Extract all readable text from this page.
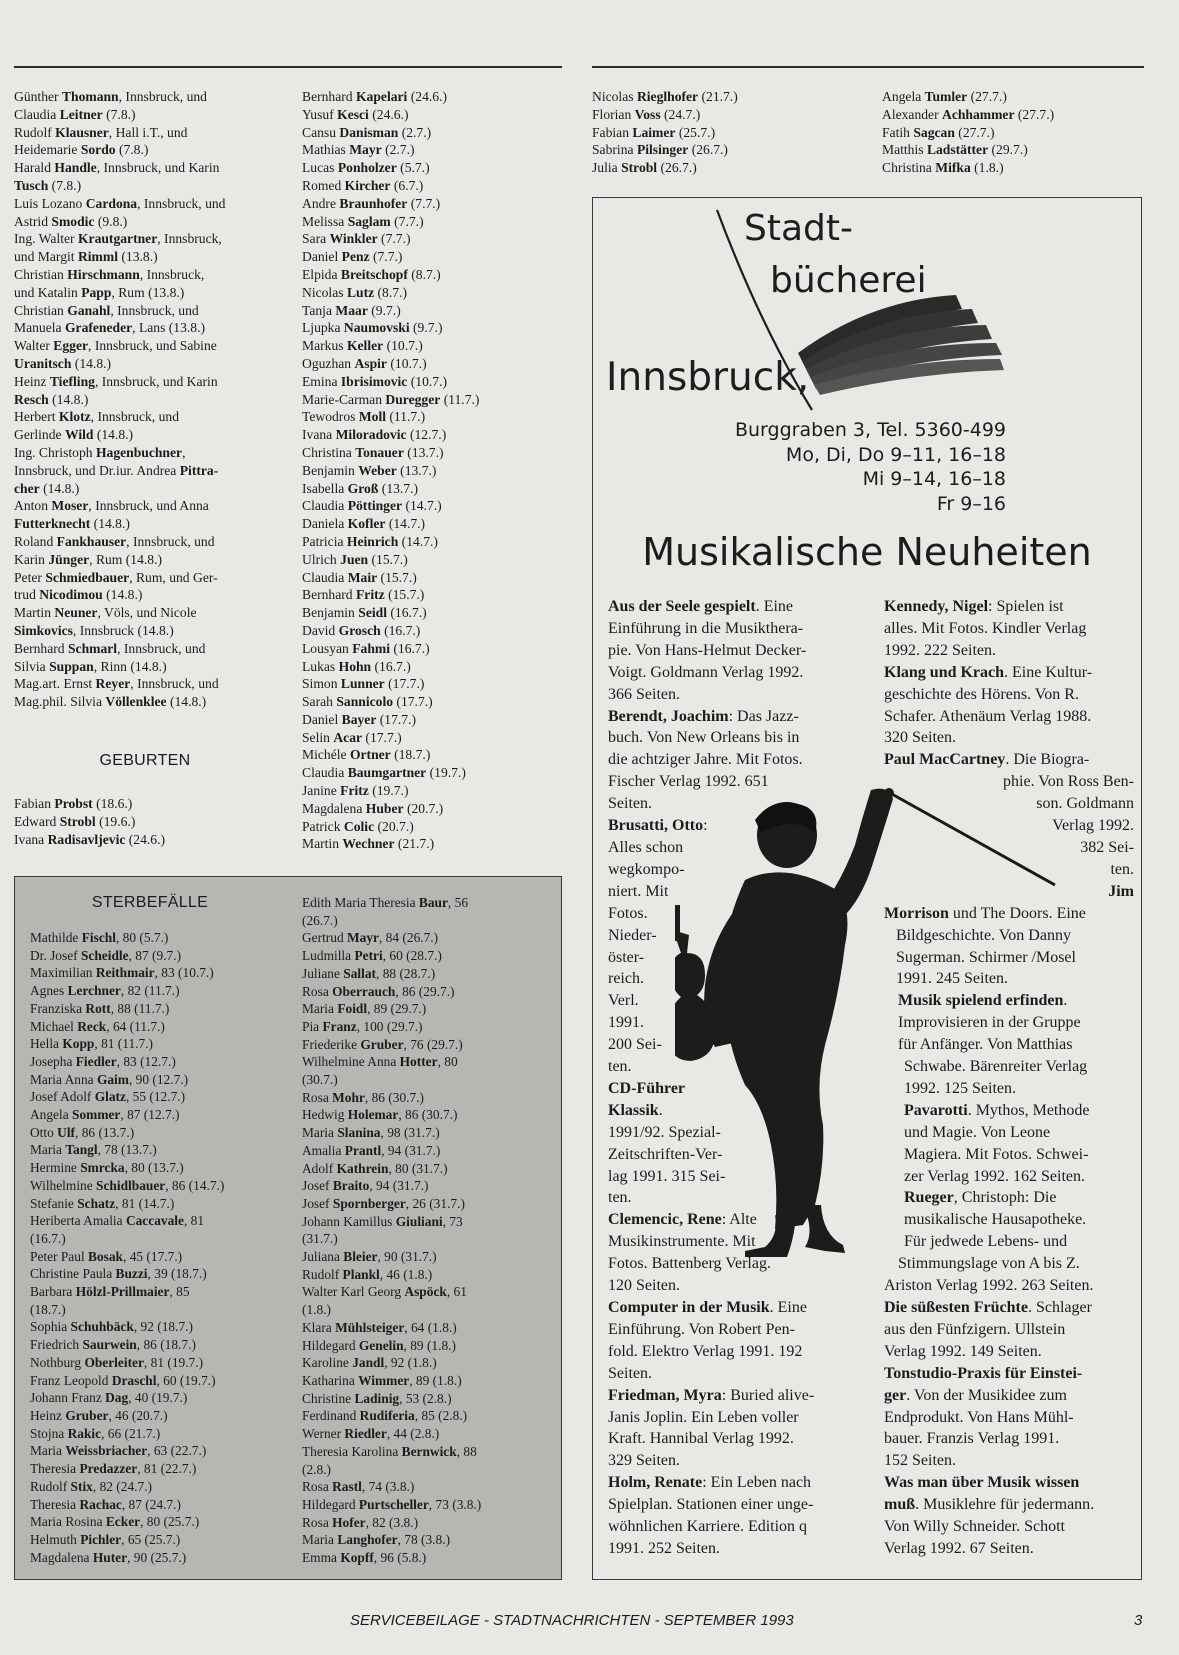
Günther Thomann, Innsbruck, und
Claudia Leitner (7.8.)
Rudolf Klausner, Hall i.T., und
Heidemarie Sordo (7.8.)
Harald Handle, Innsbruck, und Karin
Tusch (7.8.)
Luis Lozano Cardona, Innsbruck, und
Astrid Smodic (9.8.)
Ing. Walter Krautgartner, Innsbruck,
und Margit Rimml (13.8.)
Christian Hirschmann, Innsbruck,
und Katalin Papp, Rum (13.8.)
Christian Ganahl, Innsbruck, und
Manuela Grafeneder, Lans (13.8.)
Walter Egger, Innsbruck, und Sabine
Uranitsch (14.8.)
Heinz Tiefling, Innsbruck, und Karin
Resch (14.8.)
Herbert Klotz, Innsbruck, und
Gerlinde Wild (14.8.)
Ing. Christoph Hagenbuchner,
Innsbruck, und Dr.iur. Andrea Pittra-
cher (14.8.)
Anton Moser, Innsbruck, und Anna
Futterknecht (14.8.)
Roland Fankhauser, Innsbruck, und
Karin Jünger, Rum (14.8.)
Peter Schmiedbauer, Rum, und Ger-
trud Nicodimou (14.8.)
Martin Neuner, Völs, und Nicole
Simkovics, Innsbruck (14.8.)
Bernhard Schmarl, Innsbruck, und
Silvia Suppan, Rinn (14.8.)
Mag.art. Ernst Reyer, Innsbruck, und
Mag.phil. Silvia Völlenklee (14.8.)
Bernhard Kapelari (24.6.)
Yusuf Kesci (24.6.)
Cansu Danisman (2.7.)
Mathias Mayr (2.7.)
Lucas Ponholzer (5.7.)
Romed Kircher (6.7.)
Andre Braunhofer (7.7.)
Melissa Saglam (7.7.)
Sara Winkler (7.7.)
Daniel Penz (7.7.)
Elpida Breitschopf (8.7.)
Nicolas Lutz (8.7.)
Tanja Maar (9.7.)
Ljupka Naumovski (9.7.)
Markus Keller (10.7.)
Oguzhan Aspir (10.7.)
Emina Ibrisimovic (10.7.)
Marie-Carman Duregger (11.7.)
Tewodros Moll (11.7.)
Ivana Miloradovic (12.7.)
Christina Tonauer (13.7.)
Benjamin Weber (13.7.)
Isabella Groß (13.7.)
Claudia Pöttinger (14.7.)
Daniela Kofler (14.7.)
Patricia Heinrich (14.7.)
Ulrich Juen (15.7.)
Claudia Mair (15.7.)
Bernhard Fritz (15.7.)
Benjamin Seidl (16.7.)
David Grosch (16.7.)
Lousyan Fahmi (16.7.)
Lukas Hohn (16.7.)
Simon Lunner (17.7.)
Sarah Sannicolo (17.7.)
Daniel Bayer (17.7.)
Selin Acar (17.7.)
Michéle Ortner (18.7.)
Claudia Baumgartner (19.7.)
Janine Fritz (19.7.)
Magdalena Huber (20.7.)
Patrick Colic (20.7.)
Martin Wechner (21.7.)
Nicolas Rieglhofer (21.7.)
Florian Voss (24.7.)
Fabian Laimer (25.7.)
Sabrina Pilsinger (26.7.)
Julia Strobl (26.7.)
Angela Tumler (27.7.)
Alexander Achhammer (27.7.)
Fatih Sagcan (27.7.)
Matthis Ladstätter (29.7.)
Christina Mifka (1.8.)
GEBURTEN
Fabian Probst (18.6.)
Edward Strobl (19.6.)
Ivana Radisavljevic (24.6.)
STERBEFÄLLE
Mathilde Fischl, 80 (5.7.)
Dr. Josef Scheidle, 87 (9.7.)
Maximilian Reithmair, 83 (10.7.)
Agnes Lerchner, 82 (11.7.)
Franziska Rott, 88 (11.7.)
Michael Reck, 64 (11.7.)
Hella Kopp, 81 (11.7.)
Josepha Fiedler, 83 (12.7.)
Maria Anna Gaim, 90 (12.7.)
Josef Adolf Glatz, 55 (12.7.)
Angela Sommer, 87 (12.7.)
Otto Ulf, 86 (13.7.)
Maria Tangl, 78 (13.7.)
Hermine Smrcka, 80 (13.7.)
Wilhelmine Schidlbauer, 86 (14.7.)
Stefanie Schatz, 81 (14.7.)
Heriberta Amalia Caccavale, 81
(16.7.)
Peter Paul Bosak, 45 (17.7.)
Christine Paula Buzzi, 39 (18.7.)
Barbara Hölzl-Prillmaier, 85
(18.7.)
Sophia Schuhbäck, 92 (18.7.)
Friedrich Saurwein, 86 (18.7.)
Nothburg Oberleiter, 81 (19.7.)
Franz Leopold Draschl, 60 (19.7.)
Johann Franz Dag, 40 (19.7.)
Heinz Gruber, 46 (20.7.)
Stojna Rakic, 66 (21.7.)
Maria Weissbriacher, 63 (22.7.)
Theresia Predazzer, 81 (22.7.)
Rudolf Stix, 82 (24.7.)
Theresia Rachac, 87 (24.7.)
Maria Rosina Ecker, 80 (25.7.)
Helmuth Pichler, 65 (25.7.)
Magdalena Huter, 90 (25.7.)
Edith Maria Theresia Baur, 56
(26.7.)
Gertrud Mayr, 84 (26.7.)
Ludmilla Petri, 60 (28.7.)
Juliane Sallat, 88 (28.7.)
Rosa Oberrauch, 86 (29.7.)
Maria Foidl, 89 (29.7.)
Pia Franz, 100 (29.7.)
Friederike Gruber, 76 (29.7.)
Wilhelmine Anna Hotter, 80
(30.7.)
Rosa Mohr, 86 (30.7.)
Hedwig Holemar, 86 (30.7.)
Maria Slanina, 98 (31.7.)
Amalia Prantl, 94 (31.7.)
Adolf Kathrein, 80 (31.7.)
Josef Braito, 94 (31.7.)
Josef Spornberger, 26 (31.7.)
Johann Kamillus Giuliani, 73
(31.7.)
Juliana Bleier, 90 (31.7.)
Rudolf Plankl, 46 (1.8.)
Walter Karl Georg Aspöck, 61
(1.8.)
Klara Mühlsteiger, 64 (1.8.)
Hildegard Genelin, 89 (1.8.)
Karoline Jandl, 92 (1.8.)
Katharina Wimmer, 89 (1.8.)
Christine Ladinig, 53 (2.8.)
Ferdinand Rudiferia, 85 (2.8.)
Werner Riedler, 44 (2.8.)
Theresia Karolina Bernwick, 88
(2.8.)
Rosa Rastl, 74 (3.8.)
Hildegard Purtscheller, 73 (3.8.)
Rosa Hofer, 82 (3.8.)
Maria Langhofer, 78 (3.8.)
Emma Kopff, 96 (5.8.)
Stadt-
bücherei
Innsbruck,
Burggraben 3, Tel. 5360-499
Mo, Di, Do 9–11, 16–18
Mi 9–14, 16–18
Fr 9–16
Musikalische Neuheiten
Aus der Seele gespielt. Eine
Einführung in die Musikthera-
pie. Von Hans-Helmut Decker-
Voigt. Goldmann Verlag 1992.
366 Seiten.
Berendt, Joachim: Das Jazz-
buch. Von New Orleans bis in
die achtziger Jahre. Mit Fotos.
Fischer Verlag 1992. 651
Seiten.
Brusatti, Otto:
Alles schon
wegkompo-
niert. Mit
Fotos.
Nieder-
öster-
reich.
Verl.
1991.
200 Sei-
ten.
CD-Führer
Klassik.
1991/92. Spezial-
Zeitschriften-Ver-
lag 1991. 315 Sei-
ten.
Clemencic, Rene: Alte
Musikinstrumente. Mit
Fotos. Battenberg Verlag.
120 Seiten.
Computer in der Musik. Eine
Einführung. Von Robert Pen-
fold. Elektro Verlag 1991. 192
Seiten.
Friedman, Myra: Buried alive-
Janis Joplin. Ein Leben voller
Kraft. Hannibal Verlag 1992.
329 Seiten.
Holm, Renate: Ein Leben nach
Spielplan. Stationen einer unge-
wöhnlichen Karriere. Edition q
1991. 252 Seiten.
Kennedy, Nigel: Spielen ist
alles. Mit Fotos. Kindler Verlag
1992. 222 Seiten.
Klang und Krach. Eine Kultur-
geschichte des Hörens. Von R.
Schafer. Athenäum Verlag 1988.
320 Seiten.
Paul MacCartney. Die Biogra-
phie. Von Ross Ben-
son. Goldmann
Verlag 1992.
382 Sei-
ten.
Jim
Morrison und The Doors. Eine
Bildgeschichte. Von Danny
Sugerman. Schirmer /Mosel
1991. 245 Seiten.
Musik spielend erfinden.
Improvisieren in der Gruppe
für Anfänger. Von Matthias
Schwabe. Bärenreiter Verlag
1992. 125 Seiten.
Pavarotti. Mythos, Methode
und Magie. Von Leone
Magiera. Mit Fotos. Schwei-
zer Verlag 1992. 162 Seiten.
Rueger, Christoph: Die
musikalische Hausapotheke.
Für jedwede Lebens- und
Stimmungslage von A bis Z.
Ariston Verlag 1992. 263 Seiten.
Die süßesten Früchte. Schlager
aus den Fünfzigern. Ullstein
Verlag 1992. 149 Seiten.
Tonstudio-Praxis für Einstei-
ger. Von der Musikidee zum
Endprodukt. Von Hans Mühl-
bauer. Franzis Verlag 1991.
152 Seiten.
Was man über Musik wissen
muß. Musiklehre für jedermann.
Von Willy Schneider. Schott
Verlag 1992. 67 Seiten.
SERVICEBEILAGE - STADTNACHRICHTEN - SEPTEMBER 1993	3
